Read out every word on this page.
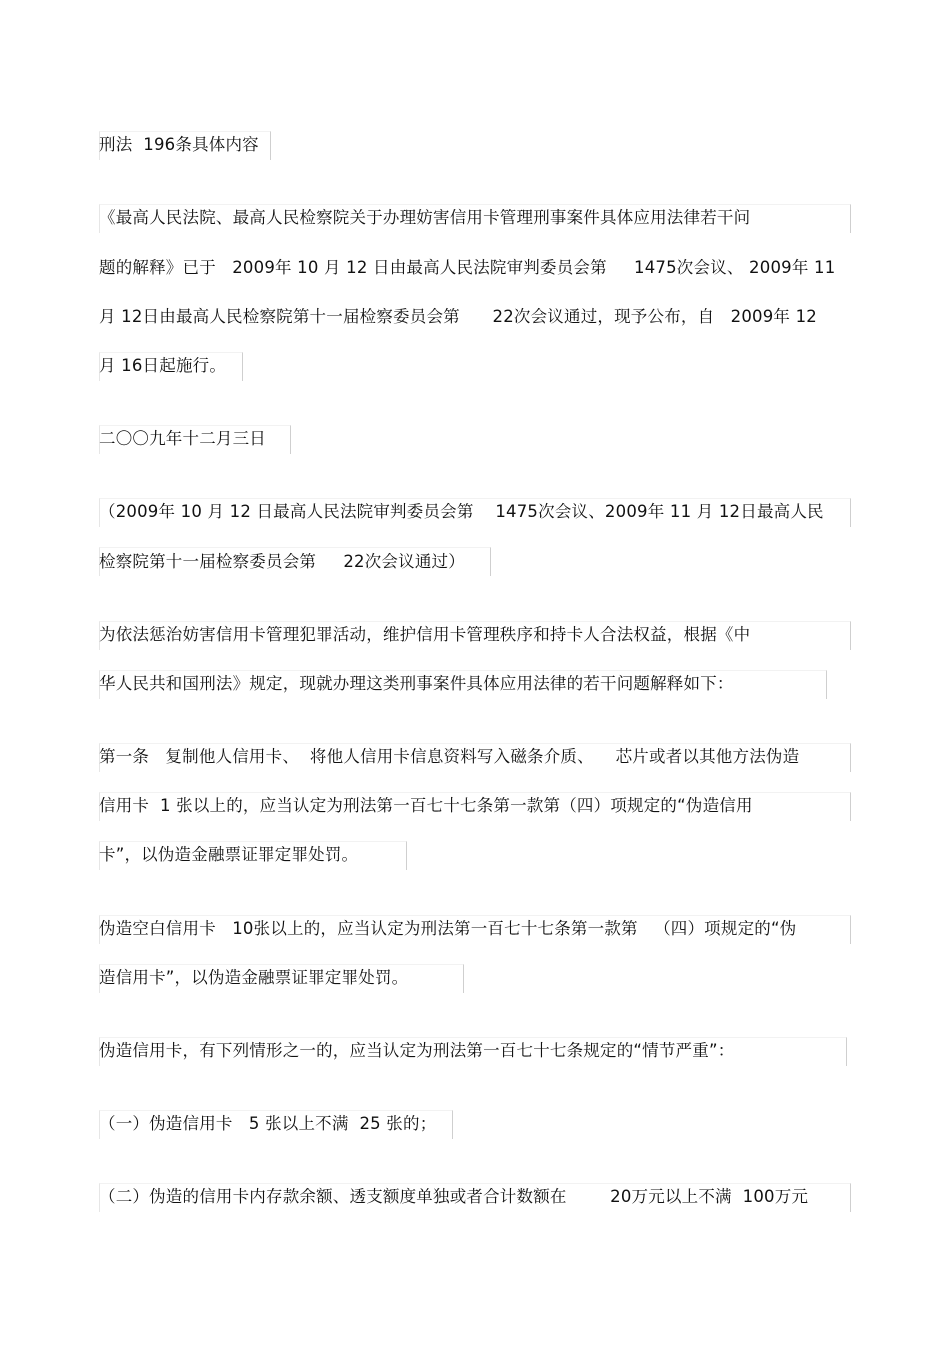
刑法  196条具体内容
《最高人民法院、最高人民检察院关于办理妨害信用卡管理刑事案件具体应用法律若干问
题的解释》已于   2009年 10 月 12 日由最高人民法院审判委员会第     1475次会议、 2009年 11
月 12日由最高人民检察院第十一届检察委员会第      22次会议通过，现予公布，自   2009年 12
月 16日起施行。
二〇〇九年十二月三日
（2009年 10 月 12 日最高人民法院审判委员会第    1475次会议、2009年 11 月 12日最高人民
检察院第十一届检察委员会第     22次会议通过）
为依法惩治妨害信用卡管理犯罪活动，维护信用卡管理秩序和持卡人合法权益，根据《中
华人民共和国刑法》规定，现就办理这类刑事案件具体应用法律的若干问题解释如下：
第一条   复制他人信用卡、  将他人信用卡信息资料写入磁条介质、    芯片或者以其他方法伪造
信用卡  1 张以上的，应当认定为刑法第一百七十七条第一款第（四）项规定的“伪造信用
卡”，以伪造金融票证罪定罪处罚。
伪造空白信用卡   10张以上的，应当认定为刑法第一百七十七条第一款第   （四）项规定的“伪
造信用卡”，以伪造金融票证罪定罪处罚。
伪造信用卡，有下列情形之一的，应当认定为刑法第一百七十七条规定的“情节严重”：
（一）伪造信用卡   5 张以上不满  25 张的；
（二）伪造的信用卡内存款余额、透支额度单独或者合计数额在        20万元以上不满  100万元
